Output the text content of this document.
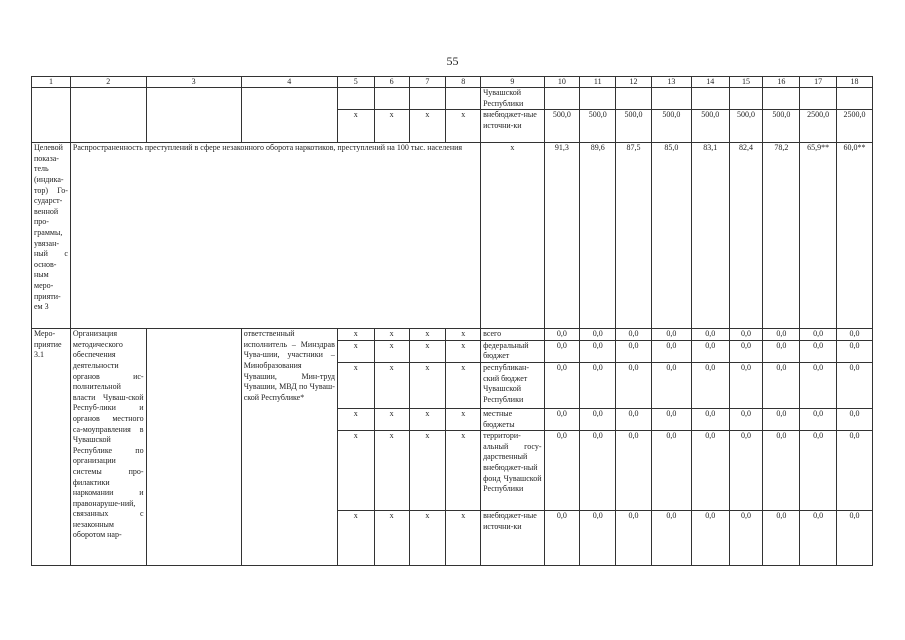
55
1	2	3	4	5	6	7	8	9	10	11	12	13	14	15	16	17	18
								Чувашской Республики									
				x	x	x	x	внебюджет-ные источни-ки	500,0	500,0	500,0	500,0	500,0	500,0	500,0	2500,0	2500,0
Целевой показа-тель (индика-тор) Го-сударст-венной про-граммы, увязан-ный с основ-ным меро-прияти-ем 3	Распространенность преступлений в сфере незаконного оборота наркотиков, преступлений на 100 тыс. населения							x	91,3	89,6	87,5	85,0	83,1	82,4	78,2	65,9**	60,0**
Меро-приятие 3.1	Организация методического обеспечения деятельности органов ис-полнительной власти Чуваш-ской Респуб-лики и органов местного са-моуправления в Чувашской Республике по организации системы про-филактики наркомании и правонаруше-ний, связанных с незаконным оборотом нар-		ответственный исполнитель – Минздрав Чува-шии, участники – Минобразования Чувашии, Мин-труд Чувашии, МВД по Чуваш-ской Республике*	x	x	x	x	всего	0,0	0,0	0,0	0,0	0,0	0,0	0,0	0,0	0,0
				x	x	x	x	федеральный бюджет	0,0	0,0	0,0	0,0	0,0	0,0	0,0	0,0	0,0
				x	x	x	x	республикан-ский бюджет Чувашской Республики	0,0	0,0	0,0	0,0	0,0	0,0	0,0	0,0	0,0
				x	x	x	x	местные бюджеты	0,0	0,0	0,0	0,0	0,0	0,0	0,0	0,0	0,0
				x	x	x	x	территори-альный госу-дарственный внебюджет-ный фонд Чувашской Республики	0,0	0,0	0,0	0,0	0,0	0,0	0,0	0,0	0,0
				x	x	x	x	внебюджет-ные источни-ки	0,0	0,0	0,0	0,0	0,0	0,0	0,0	0,0	0,0
